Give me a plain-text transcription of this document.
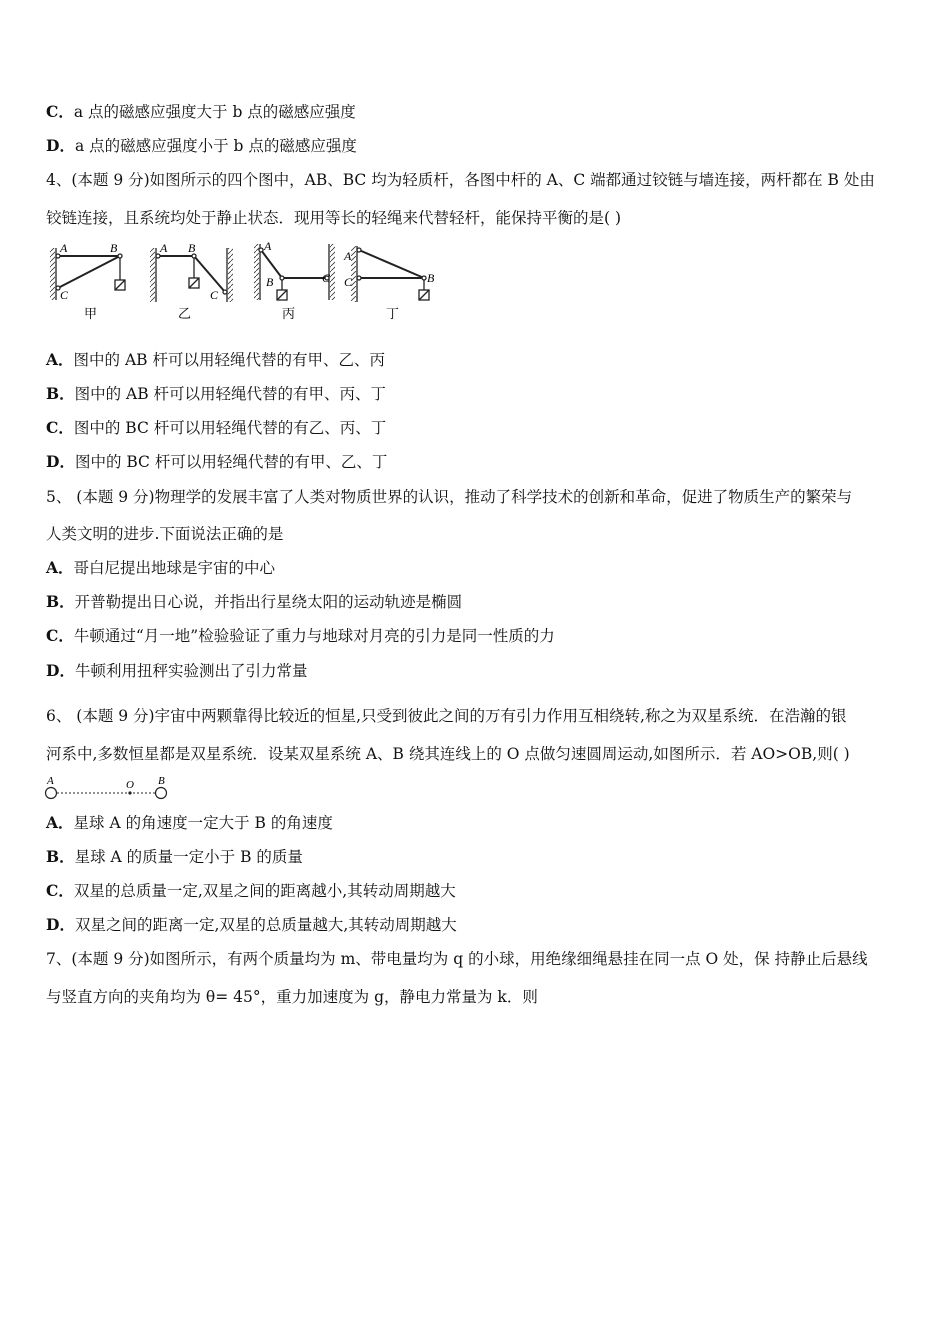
C．a 点的磁感应强度大于 b 点的磁感应强度
D．a 点的磁感应强度小于 b 点的磁感应强度
4、(本题 9 分)如图所示的四个图中，AB、BC 均为轻质杆，各图中杆的 A、C 端都通过铰链与墙连接，两杆都在 B 处由
铰链连接，且系统均处于静止状态．现用等长的轻绳来代替轻杆，能保持平衡的是( )
A	B
C
甲
A B
C
乙
A
B	C
丙
A
B
C
丁
A．图中的 AB 杆可以用轻绳代替的有甲、乙、丙
B．图中的 AB 杆可以用轻绳代替的有甲、丙、丁
C．图中的 BC 杆可以用轻绳代替的有乙、丙、丁
D．图中的 BC 杆可以用轻绳代替的有甲、乙、丁
5、 (本题 9 分)物理学的发展丰富了人类对物质世界的认识，推动了科学技术的创新和革命，促进了物质生产的繁荣与
人类文明的进步.下面说法正确的是
A．哥白尼提出地球是宇宙的中心
B．开普勒提出日心说，并指出行星绕太阳的运动轨迹是椭圆
C．牛顿通过“月一地”检验验证了重力与地球对月亮的引力是同一性质的力
D．牛顿利用扭秤实验测出了引力常量
6、 (本题 9 分)宇宙中两颗靠得比较近的恒星,只受到彼此之间的万有引力作用互相绕转,称之为双星系统．在浩瀚的银
河系中,多数恒星都是双星系统．设某双星系统 A、B 绕其连线上的 O 点做匀速圆周运动,如图所示．若 AO>OB,则( )
A	O B
A．星球 A 的角速度一定大于 B 的角速度
B．星球 A 的质量一定小于 B 的质量
C．双星的总质量一定,双星之间的距离越小,其转动周期越大
D．双星之间的距离一定,双星的总质量越大,其转动周期越大
7、(本题 9 分)如图所示，有两个质量均为 m、带电量均为 q 的小球，用绝缘细绳悬挂在同一点 O 处，保 持静止后悬线
与竖直方向的夹角均为 θ= 45°，重力加速度为 g，静电力常量为 k．则
